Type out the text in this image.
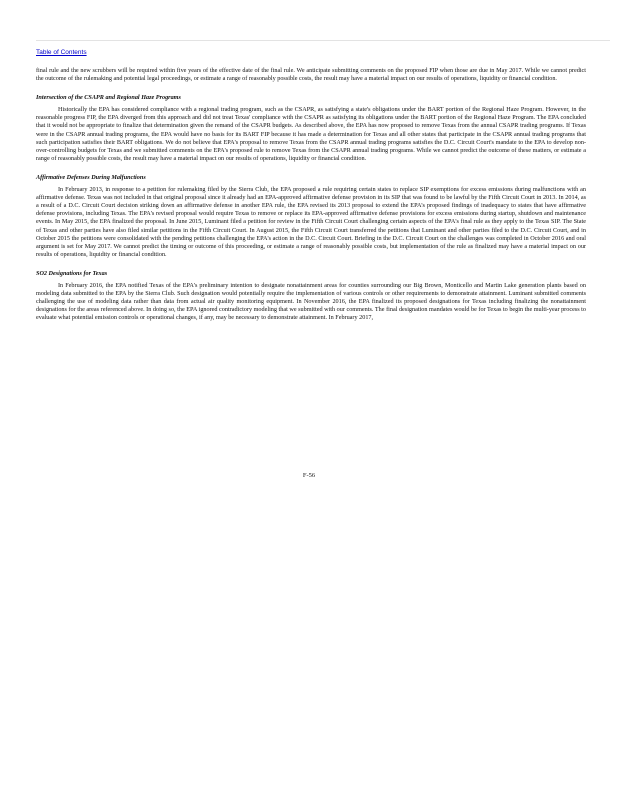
Table of Contents

final rule and the new scrubbers will be required within five years of the effective date of the final rule. We anticipate submitting comments on the proposed FIP when those are due in May 2017. While we cannot predict the outcome of the rulemaking and potential legal proceedings, or estimate a range of reasonably possible costs, the result may have a material impact on our results of operations, liquidity or financial condition.

Intersection of the CSAPR and Regional Haze Programs

Historically the EPA has considered compliance with a regional trading program, such as the CSAPR, as satisfying a state's obligations under the BART portion of the Regional Haze Program. However, in the reasonable progress FIP, the EPA diverged from this approach and did not treat Texas' compliance with the CSAPR as satisfying its obligations under the BART portion of the Regional Haze Program. The EPA concluded that it would not be appropriate to finalize that determination given the remand of the CSAPR budgets. As described above, the EPA has now proposed to remove Texas from the annual CSAPR trading programs. If Texas were in the CSAPR annual trading programs, the EPA would have no basis for its BART FIP because it has made a determination for Texas and all other states that participate in the CSAPR annual trading programs that such participation satisfies their BART obligations. We do not believe that EPA's proposal to remove Texas from the CSAPR annual trading programs satisfies the D.C. Circuit Court's mandate to the EPA to develop non-over-controlling budgets for Texas and we submitted comments on the EPA's proposed rule to remove Texas from the CSAPR annual trading programs. While we cannot predict the outcome of these matters, or estimate a range of reasonably possible costs, the result may have a material impact on our results of operations, liquidity or financial condition.

Affirmative Defenses During Malfunctions

In February 2013, in response to a petition for rulemaking filed by the Sierra Club, the EPA proposed a rule requiring certain states to replace SIP exemptions for excess emissions during malfunctions with an affirmative defense. Texas was not included in that original proposal since it already had an EPA-approved affirmative defense provision in its SIP that was found to be lawful by the Fifth Circuit Court in 2013. In 2014, as a result of a D.C. Circuit Court decision striking down an affirmative defense in another EPA rule, the EPA revised its 2013 proposal to extend the EPA's proposed findings of inadequacy to states that have affirmative defense provisions, including Texas. The EPA's revised proposal would require Texas to remove or replace its EPA-approved affirmative defense provisions for excess emissions during startup, shutdown and maintenance events. In May 2015, the EPA finalized the proposal. In June 2015, Luminant filed a petition for review in the Fifth Circuit Court challenging certain aspects of the EPA's final rule as they apply to the Texas SIP. The State of Texas and other parties have also filed similar petitions in the Fifth Circuit Court. In August 2015, the Fifth Circuit Court transferred the petitions that Luminant and other parties filed to the D.C. Circuit Court, and in October 2015 the petitions were consolidated with the pending petitions challenging the EPA's action in the D.C. Circuit Court. Briefing in the D.C. Circuit Court on the challenges was completed in October 2016 and oral argument is set for May 2017. We cannot predict the timing or outcome of this proceeding, or estimate a range of reasonably possible costs, but implementation of the rule as finalized may have a material impact on our results of operations, liquidity or financial condition.

SO2 Designations for Texas

In February 2016, the EPA notified Texas of the EPA's preliminary intention to designate nonattainment areas for counties surrounding our Big Brown, Monticello and Martin Lake generation plants based on modeling data submitted to the EPA by the Sierra Club. Such designation would potentially require the implementation of various controls or other requirements to demonstrate attainment. Luminant submitted comments challenging the use of modeling data rather than data from actual air quality monitoring equipment. In November 2016, the EPA finalized its proposed designations for Texas including finalizing the nonattainment designations for the areas referenced above. In doing so, the EPA ignored contradictory modeling that we submitted with our comments. The final designation mandates would be for Texas to begin the multi-year process to evaluate what potential emission controls or operational changes, if any, may be necessary to demonstrate attainment. In February 2017,

F-56
